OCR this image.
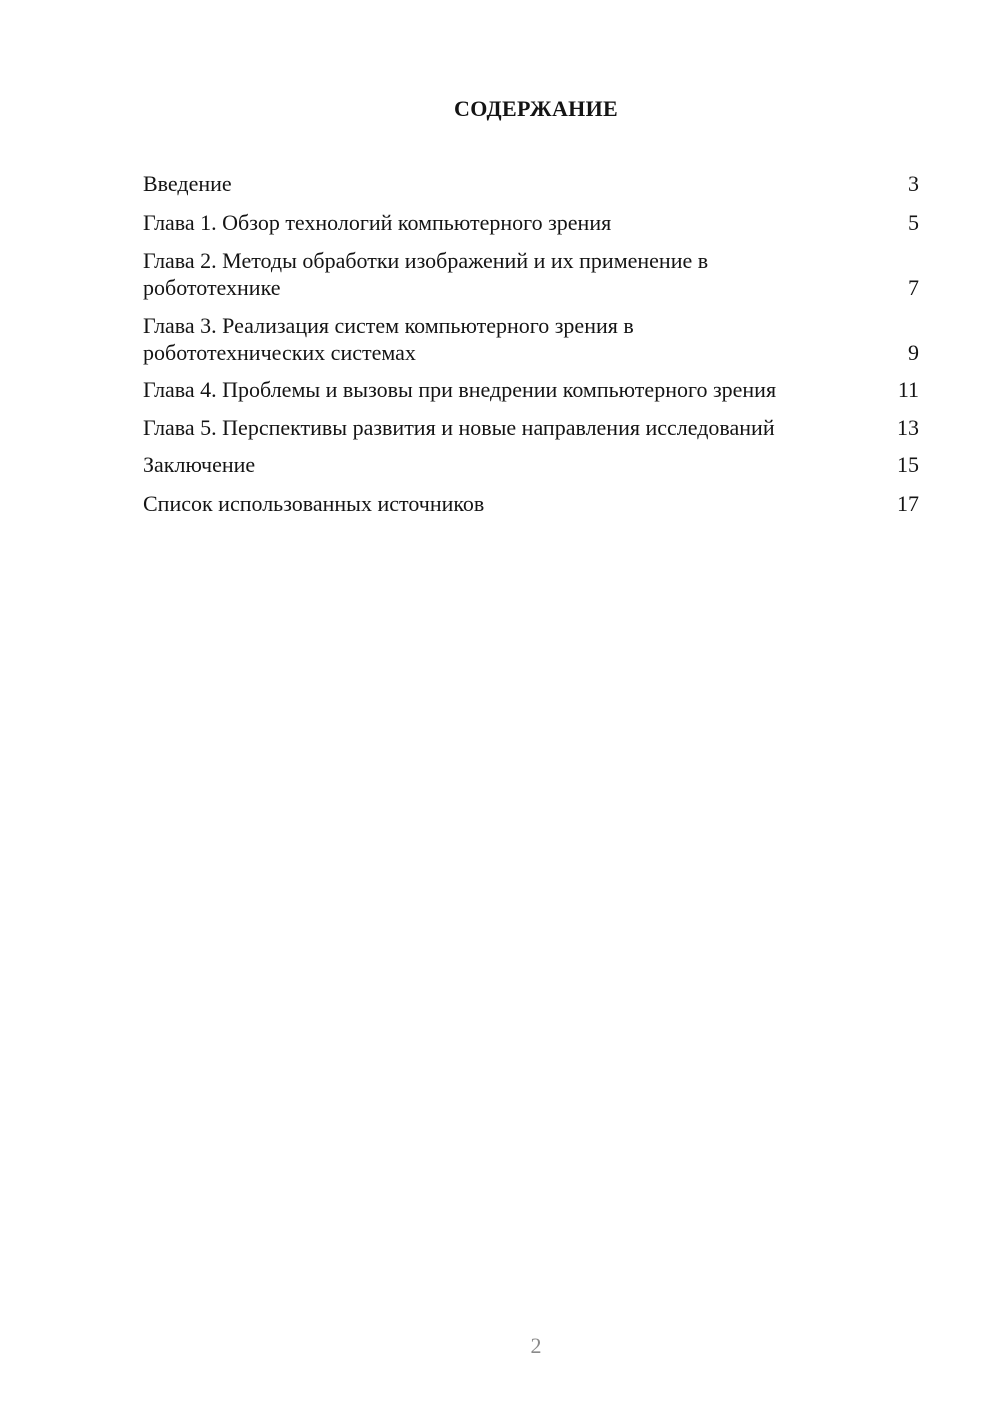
СОДЕРЖАНИЕ
Введение	3
Глава 1. Обзор технологий компьютерного зрения	5
Глава 2. Методы обработки изображений и их применение в робототехнике	7
Глава 3. Реализация систем компьютерного зрения в робототехнических системах	9
Глава 4. Проблемы и вызовы при внедрении компьютерного зрения	11
Глава 5. Перспективы развития и новые направления исследований	13
Заключение	15
Список использованных источников	17
2
